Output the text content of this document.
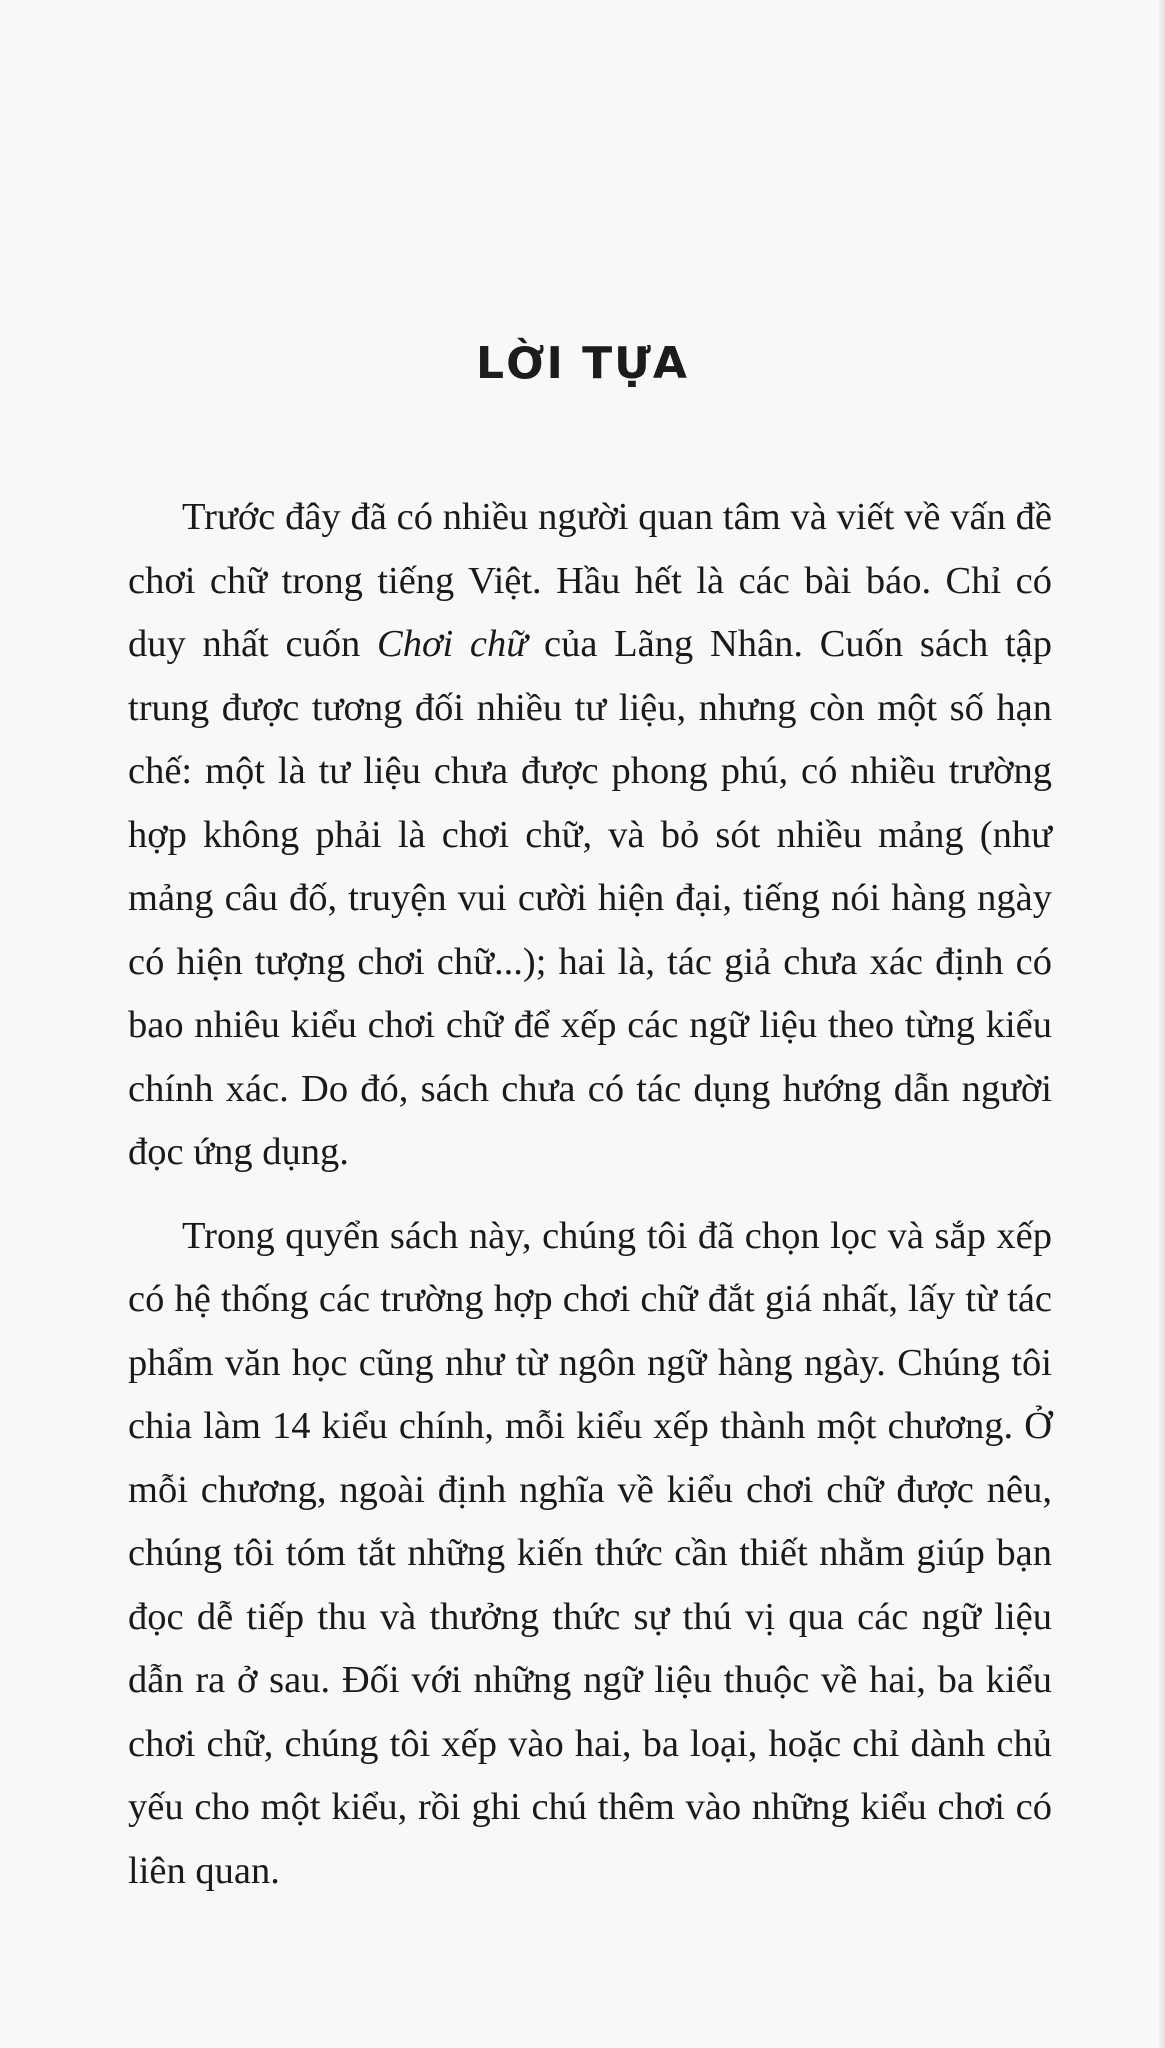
LỜI TỰA

Trước đây đã có nhiều người quan tâm và viết về vấn đề chơi chữ trong tiếng Việt. Hầu hết là các bài báo. Chỉ có duy nhất cuốn Chơi chữ của Lãng Nhân. Cuốn sách tập trung được tương đối nhiều tư liệu, nhưng còn một số hạn chế: một là tư liệu chưa được phong phú, có nhiều trường hợp không phải là chơi chữ, và bỏ sót nhiều mảng (như mảng câu đố, truyện vui cười hiện đại, tiếng nói hàng ngày có hiện tượng chơi chữ...); hai là, tác giả chưa xác định có bao nhiêu kiểu chơi chữ để xếp các ngữ liệu theo từng kiểu chính xác. Do đó, sách chưa có tác dụng hướng dẫn người đọc ứng dụng.

Trong quyển sách này, chúng tôi đã chọn lọc và sắp xếp có hệ thống các trường hợp chơi chữ đắt giá nhất, lấy từ tác phẩm văn học cũng như từ ngôn ngữ hàng ngày. Chúng tôi chia làm 14 kiểu chính, mỗi kiểu xếp thành một chương. Ở mỗi chương, ngoài định nghĩa về kiểu chơi chữ được nêu, chúng tôi tóm tắt những kiến thức cần thiết nhằm giúp bạn đọc dễ tiếp thu và thưởng thức sự thú vị qua các ngữ liệu dẫn ra ở sau. Đối với những ngữ liệu thuộc về hai, ba kiểu chơi chữ, chúng tôi xếp vào hai, ba loại, hoặc chỉ dành chủ yếu cho một kiểu, rồi ghi chú thêm vào những kiểu chơi có liên quan.
